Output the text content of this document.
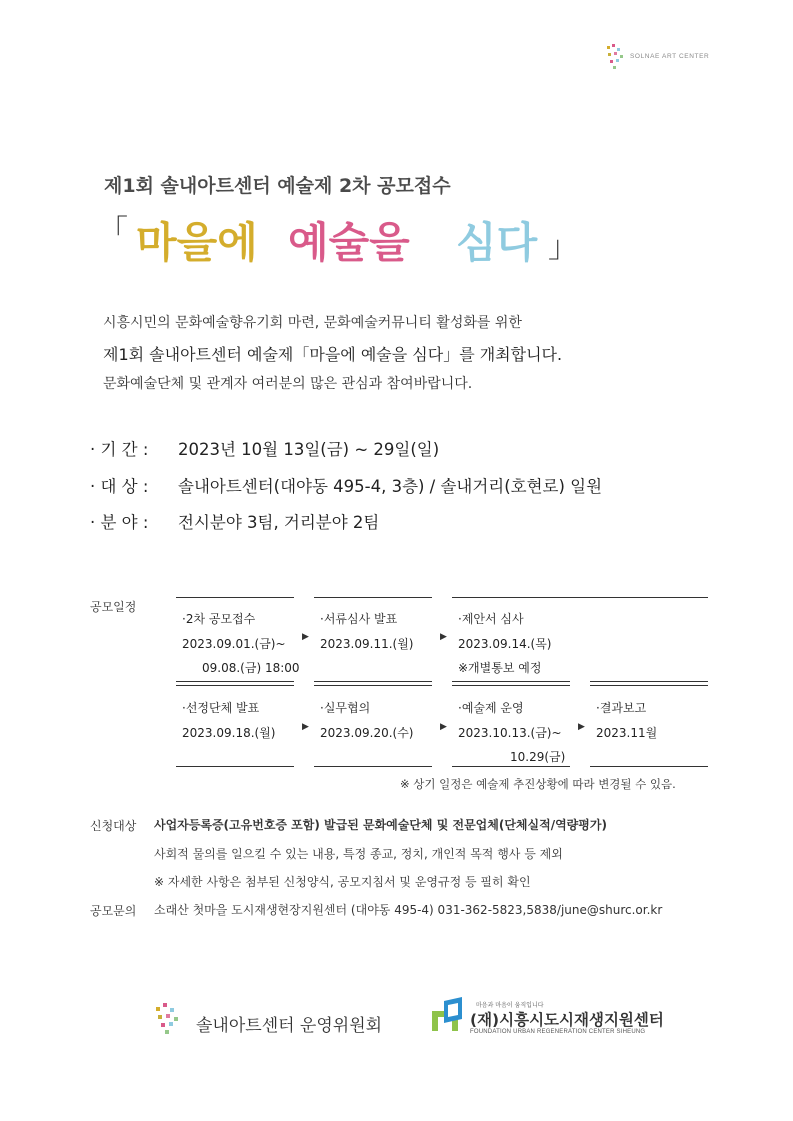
SOLNAE ART CENTER
제1회 솔내아트센터 예술제 2차 공모접수
「 마을에 예술을 심다 」
시흥시민의 문화예술향유기회 마련, 문화예술커뮤니티 활성화를 위한
제1회 솔내아트센터 예술제「마을에 예술을 심다」를 개최합니다.
문화예술단체 및 관계자 여러분의 많은 관심과 참여바랍니다.
· 기 간 : 2023년 10월 13일(금) ~ 29일(일)
· 대 상 : 솔내아트센터(대야동 495-4, 3층) / 솔내거리(호현로) 일원
· 분 야 : 전시분야 3팀, 거리분야 2팀
공모일정
·2차 공모접수
2023.09.01.(금)~
09.08.(금) 18:00
▶
·서류심사 발표
2023.09.11.(월)	▶
·제안서 심사
2023.09.14.(목)
※개별통보 예정
·선정단체 발표
2023.09.18.(월)	▶
·실무협의
2023.09.20.(수)	▶
·예술제 운영
2023.10.13.(금)~
10.29(금)
▶
·결과보고
2023.11월
※ 상기 일정은 예술제 추진상황에 따라 변경될 수 있음.
신청대상 사업자등록증(고유번호증 포함) 발급된 문화예술단체 및 전문업체(단체실적/역량평가)
사회적 물의를 일으킬 수 있는 내용, 특정 종교, 정치, 개인적 목적 행사 등 제외
※ 자세한 사항은 첨부된 신청양식, 공모지침서 및 운영규정 등 필히 확인
공모문의 소래산 첫마을 도시재생현장지원센터 (대야동 495-4) 031-362-5823,5838/june@shurc.or.kr
솔내아트센터 운영위원회
마음과 마음이 움직입니다
(재)시흥시도시재생지원센터
FOUNDATION URBAN REGENERATION CENTER SIHEUNG
